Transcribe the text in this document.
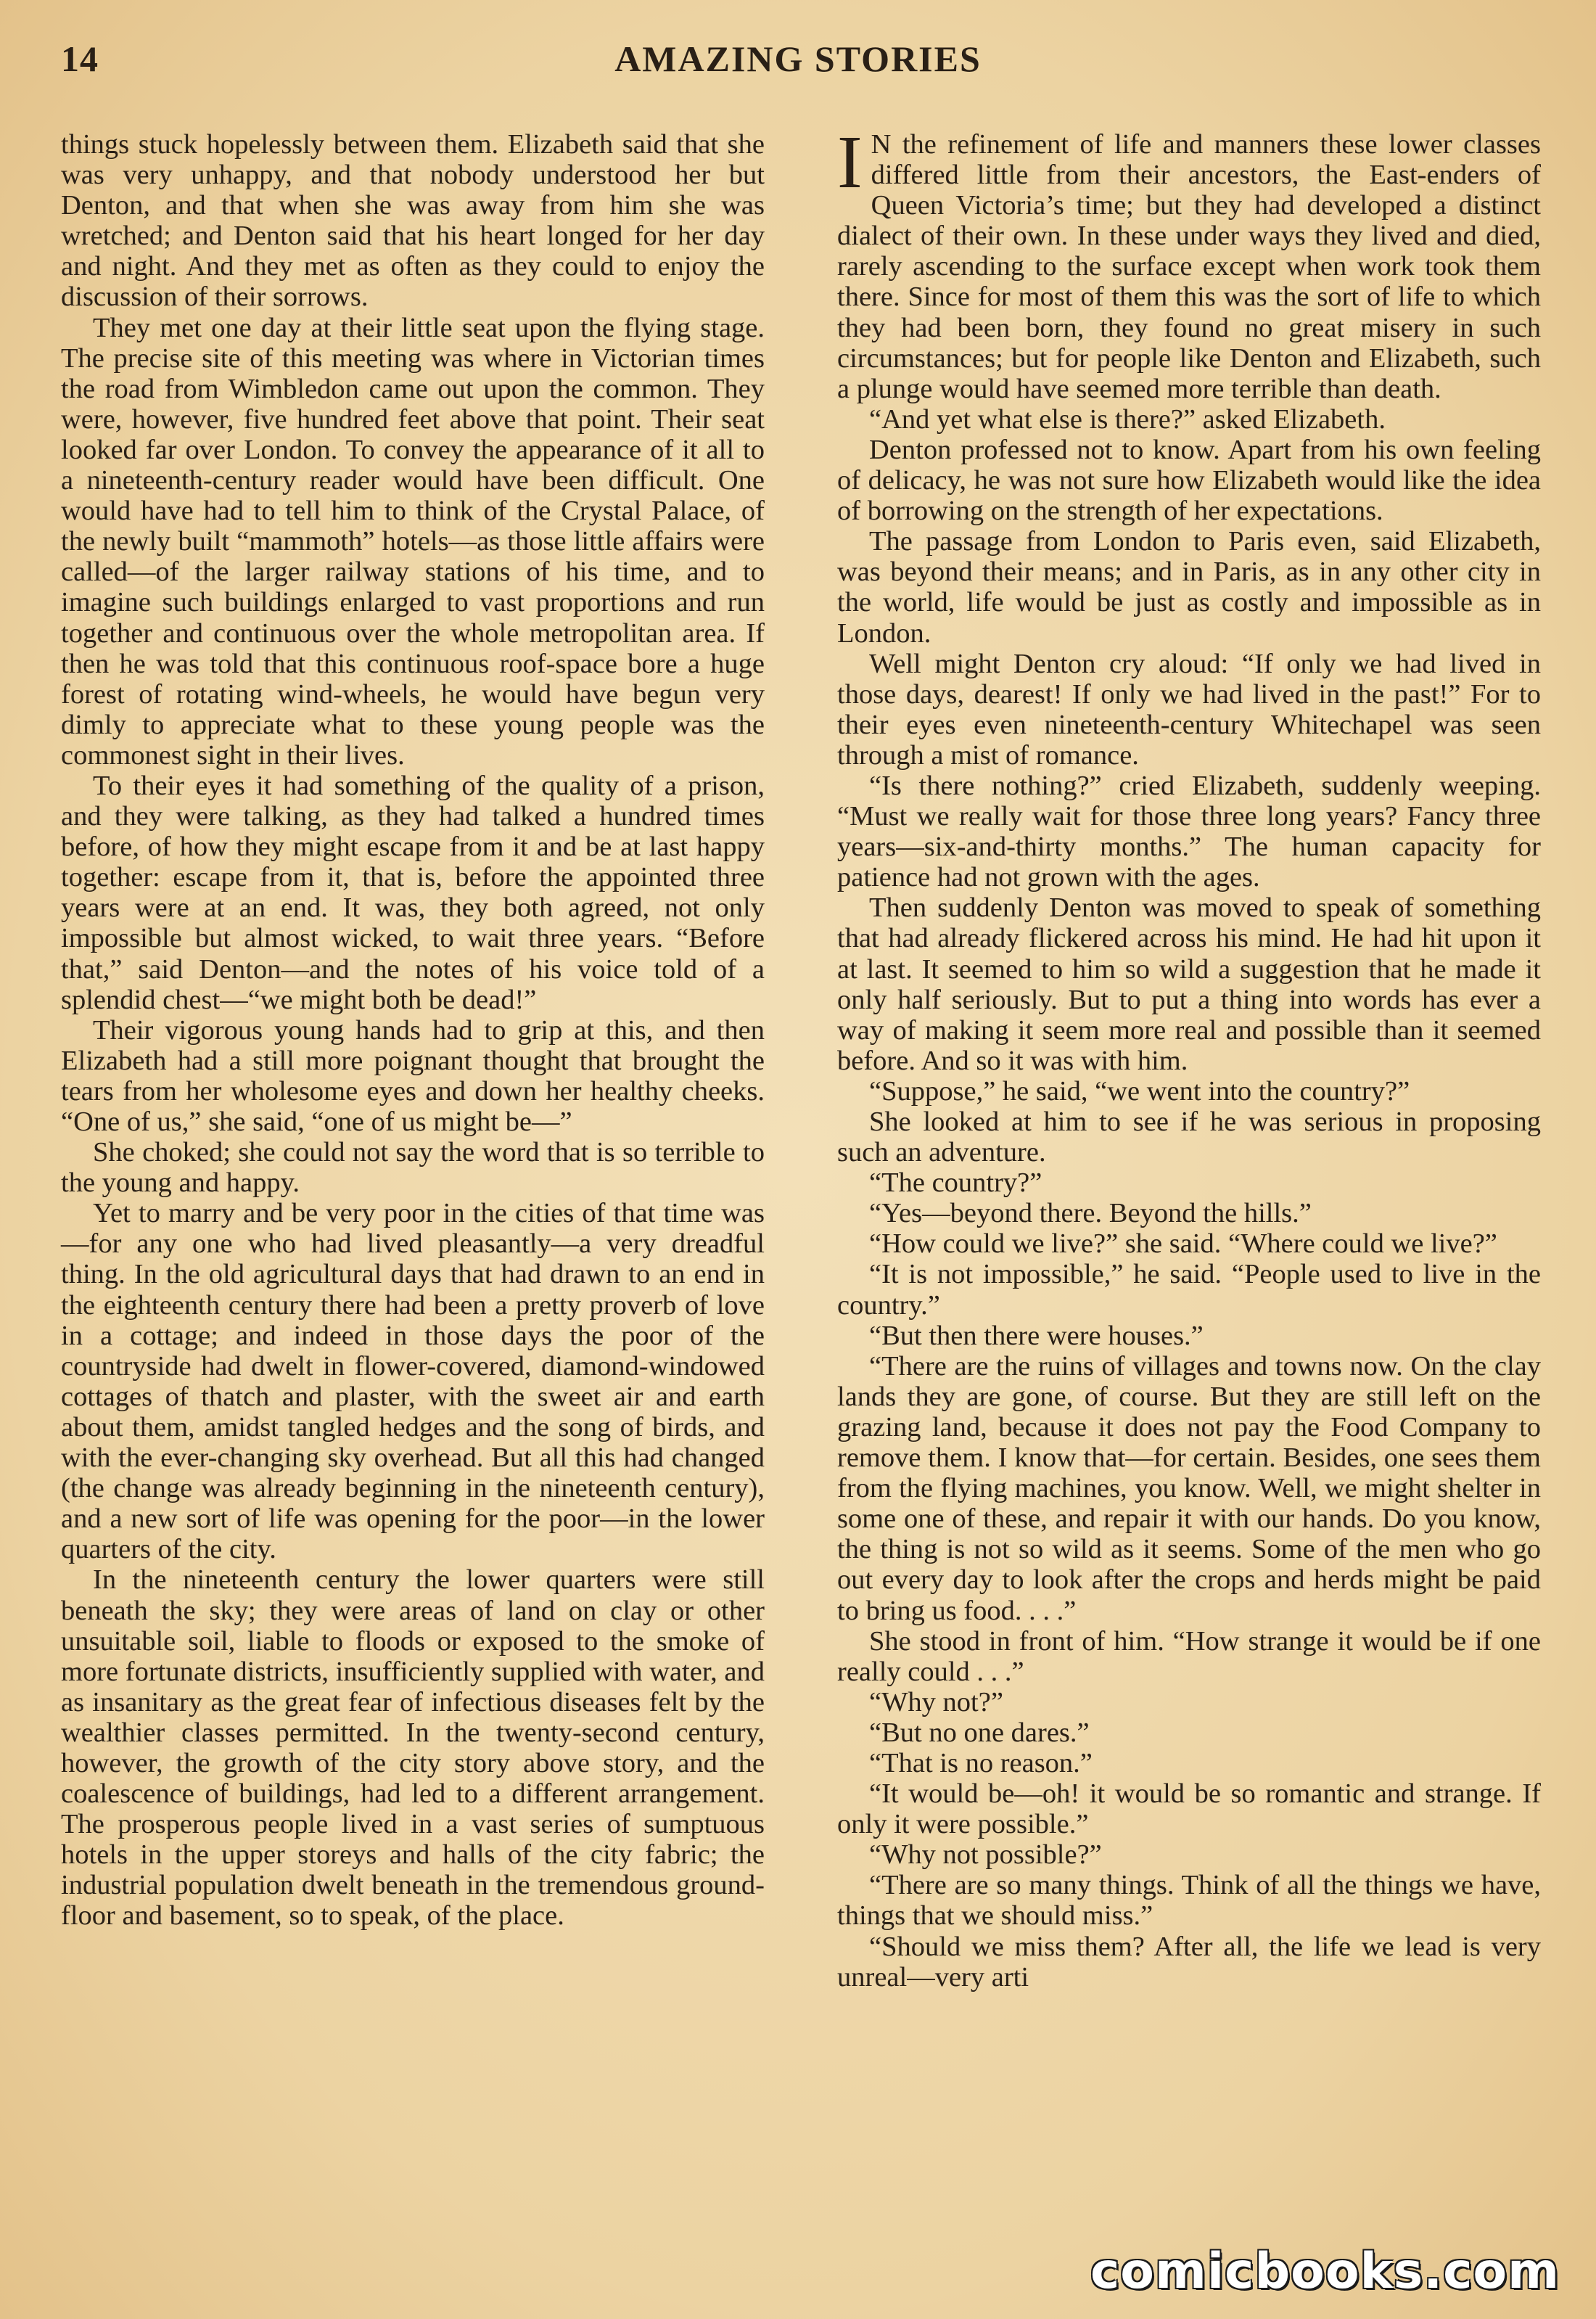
14	AMAZING STORIES

things stuck hopelessly between them. Elizabeth said that she was very unhappy, and that nobody understood her but Denton, and that when she was away from him she was wretched; and Denton said that his heart longed for her day and night. And they met as often as they could to enjoy the discussion of their sorrows.

They met one day at their little seat upon the flying stage. The precise site of this meeting was where in Victorian times the road from Wimbledon came out upon the common. They were, however, five hundred feet above that point. Their seat looked far over London. To convey the appearance of it all to a nineteenth-century reader would have been difficult. One would have had to tell him to think of the Crystal Palace, of the newly built “mammoth” hotels—as those little affairs were called—of the larger railway stations of his time, and to imagine such buildings enlarged to vast proportions and run together and continuous over the whole metropolitan area. If then he was told that this continuous roof-space bore a huge forest of rotating wind-wheels, he would have begun very dimly to appreciate what to these young people was the commonest sight in their lives.

To their eyes it had something of the quality of a prison, and they were talking, as they had talked a hundred times before, of how they might escape from it and be at last happy together: escape from it, that is, before the appointed three years were at an end. It was, they both agreed, not only impossible but almost wicked, to wait three years. “Before that,” said Denton—and the notes of his voice told of a splendid chest—“we might both be dead!”

Their vigorous young hands had to grip at this, and then Elizabeth had a still more poignant thought that brought the tears from her wholesome eyes and down her healthy cheeks. “One of us,” she said, “one of us might be—”

She choked; she could not say the word that is so terrible to the young and happy.

Yet to marry and be very poor in the cities of that time was—for any one who had lived pleasantly—a very dreadful thing. In the old agricultural days that had drawn to an end in the eighteenth century there had been a pretty proverb of love in a cottage; and indeed in those days the poor of the countryside had dwelt in flower-covered, diamond-windowed cottages of thatch and plaster, with the sweet air and earth about them, amidst tangled hedges and the song of birds, and with the ever-changing sky overhead. But all this had changed (the change was already beginning in the nineteenth century), and a new sort of life was opening for the poor—in the lower quarters of the city.

In the nineteenth century the lower quarters were still beneath the sky; they were areas of land on clay or other unsuitable soil, liable to floods or exposed to the smoke of more fortunate districts, insufficiently supplied with water, and as insanitary as the great fear of infectious diseases felt by the wealthier classes permitted. In the twenty-second century, however, the growth of the city story above story, and the coalescence of buildings, had led to a different arrangement. The prosperous people lived in a vast series of sumptuous hotels in the upper storeys and halls of the city fabric; the industrial population dwelt beneath in the tremendous ground-floor and basement, so to speak, of the place.

I N the refinement of life and manners these lower classes differed little from their ancestors, the East-enders of Queen Victoria’s time; but they had developed a distinct dialect of their own. In these under ways they lived and died, rarely ascending to the surface except when work took them there. Since for most of them this was the sort of life to which they had been born, they found no great misery in such circumstances; but for people like Denton and Elizabeth, such a plunge would have seemed more terrible than death.

“And yet what else is there?” asked Elizabeth.

Denton professed not to know. Apart from his own feeling of delicacy, he was not sure how Elizabeth would like the idea of borrowing on the strength of her expectations.

The passage from London to Paris even, said Elizabeth, was beyond their means; and in Paris, as in any other city in the world, life would be just as costly and impossible as in London.

Well might Denton cry aloud: “If only we had lived in those days, dearest! If only we had lived in the past!” For to their eyes even nineteenth-century Whitechapel was seen through a mist of romance.

“Is there nothing?” cried Elizabeth, suddenly weeping. “Must we really wait for those three long years? Fancy three years—six-and-thirty months.” The human capacity for patience had not grown with the ages.

Then suddenly Denton was moved to speak of something that had already flickered across his mind. He had hit upon it at last. It seemed to him so wild a suggestion that he made it only half seriously. But to put a thing into words has ever a way of making it seem more real and possible than it seemed before. And so it was with him.

“Suppose,” he said, “we went into the country?”

She looked at him to see if he was serious in proposing such an adventure.

“The country?”

“Yes—beyond there. Beyond the hills.”

“How could we live?” she said. “Where could we live?”

“It is not impossible,” he said. “People used to live in the country.”

“But then there were houses.”

“There are the ruins of villages and towns now. On the clay lands they are gone, of course. But they are still left on the grazing land, because it does not pay the Food Company to remove them. I know that—for certain. Besides, one sees them from the flying machines, you know. Well, we might shelter in some one of these, and repair it with our hands. Do you know, the thing is not so wild as it seems. Some of the men who go out every day to look after the crops and herds might be paid to bring us food. . . .”

She stood in front of him. “How strange it would be if one really could . . .”

“Why not?”

“But no one dares.”

“That is no reason.”

“It would be—oh! it would be so romantic and strange. If only it were possible.”

“Why not possible?”

“There are so many things. Think of all the things we have, things that we should miss.”

“Should we miss them? After all, the life we lead is very unreal—very arti

comicbooks.com
